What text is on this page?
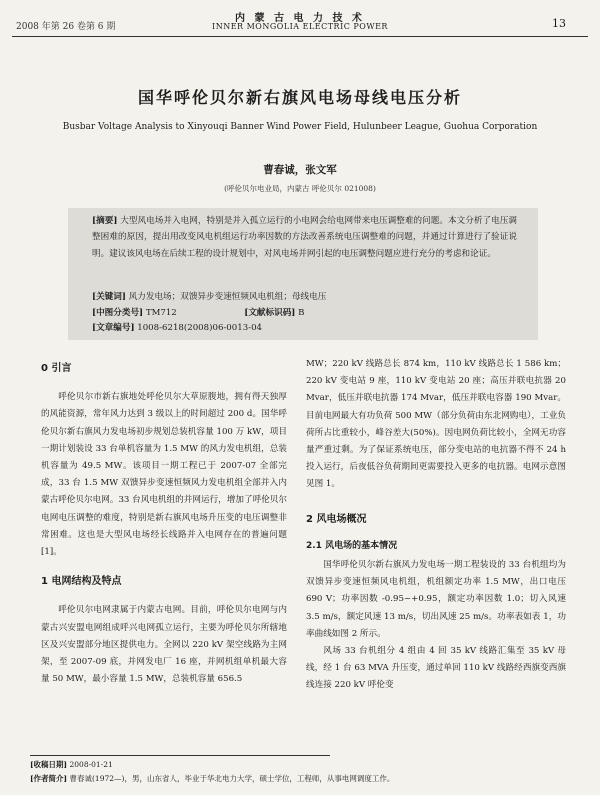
2008 年第 26 卷第 6 期
内 蒙 古 电 力 技 术
INNER MONGOLIA ELECTRIC POWER	13
国华呼伦贝尔新右旗风电场母线电压分析
Busbar Voltage Analysis to Xinyouqi Banner Wind Power Field, Hulunbeer League, Guohua Corporation
曹春诚，张文军
(呼伦贝尔电业局，内蒙古 呼伦贝尔 021008)
[摘要] 大型风电场并入电网，特别是并入孤立运行的小电网会给电网带来电压调整难的问题。本文分析了电压调整困难的原因，提出用改变风电机组运行功率因数的方法改善系统电压调整难的问题，并通过计算进行了验证说明。建议该风电场在后续工程的设计规划中，对风电场并网引起的电压调整问题应进行充分的考虑和论证。
[关键词] 风力发电场；双馈异步变速恒频风电机组；母线电压
[中图分类号] TM712	[文献标识码] B
[文章编号] 1008-6218(2008)06-0013-04
0 引言

呼伦贝尔市新右旗地处呼伦贝尔大草原腹地，拥有得天独厚的风能资源，常年风力达到 3 级以上的时间超过 200 d。国华呼伦贝尔新右旗风力发电场初步规划总装机容量 100 万 kW，项目一期计划装设 33 台单机容量为 1.5 MW 的风力发电机组，总装机容量为 49.5 MW。该项目一期工程已于 2007-07 全部完成，33 台 1.5 MW 双馈异步变速恒频风力发电机组全部并入内蒙古呼伦贝尔电网。33 台风电机组的并网运行，增加了呼伦贝尔电网电压调整的难度，特别是新右旗风电场升压变的电压调整非常困难。这也是大型风电场经长线路并入电网存在的普遍问题[1]。

1 电网结构及特点

呼伦贝尔电网隶属于内蒙古电网。目前，呼伦贝尔电网与内蒙古兴安盟电网组成呼兴电网孤立运行，主要为呼伦贝尔所辖地区及兴安盟部分地区提供电力。全网以 220 kV 架空线路为主网架，至 2007-09 底，并网发电厂 16 座，并网机组单机最大容量 50 MW，最小容量 1.5 MW，总装机容量 656.5

MW；220 kV 线路总长 874 km，110 kV 线路总长 1 586 km；220 kV 变电站 9 座，110 kV 变电站 20 座；高压并联电抗器 20 Mvar，低压并联电抗器 174 Mvar，低压并联电容器 190 Mvar。目前电网最大有功负荷 500 MW（部分负荷由东北网购电），工业负荷所占比重较小，峰谷差大(50%)。因电网负荷比较小，全网无功容量严重过剩。为了保证系统电压，部分变电站的电抗器不得不 24 h 投入运行，后夜低谷负荷期间更需要投入更多的电抗器。电网示意图见图 1。

2 风电场概况
2.1 风电场的基本情况

国华呼伦贝尔新右旗风力发电场一期工程装设的 33 台机组均为双馈异步变速恒频风电机组，机组额定功率 1.5 MW，出口电压 690 V；功率因数 -0.95~+0.95，额定功率因数 1.0；切入风速 3.5 m/s，额定风速 13 m/s，切出风速 25 m/s。功率表如表 1，功率曲线如图 2 所示。

风场 33 台机组分 4 组由 4 回 35 kV 线路汇集至 35 kV 母线，经 1 台 63 MVA 升压变，通过单回 110 kV 线路经西旗变西旗线连接 220 kV 呼伦变

[收稿日期] 2008-01-21
[作者简介] 曹春诚(1972—)，男，山东省人，毕业于华北电力大学，硕士学位，工程师，从事电网调度工作。
